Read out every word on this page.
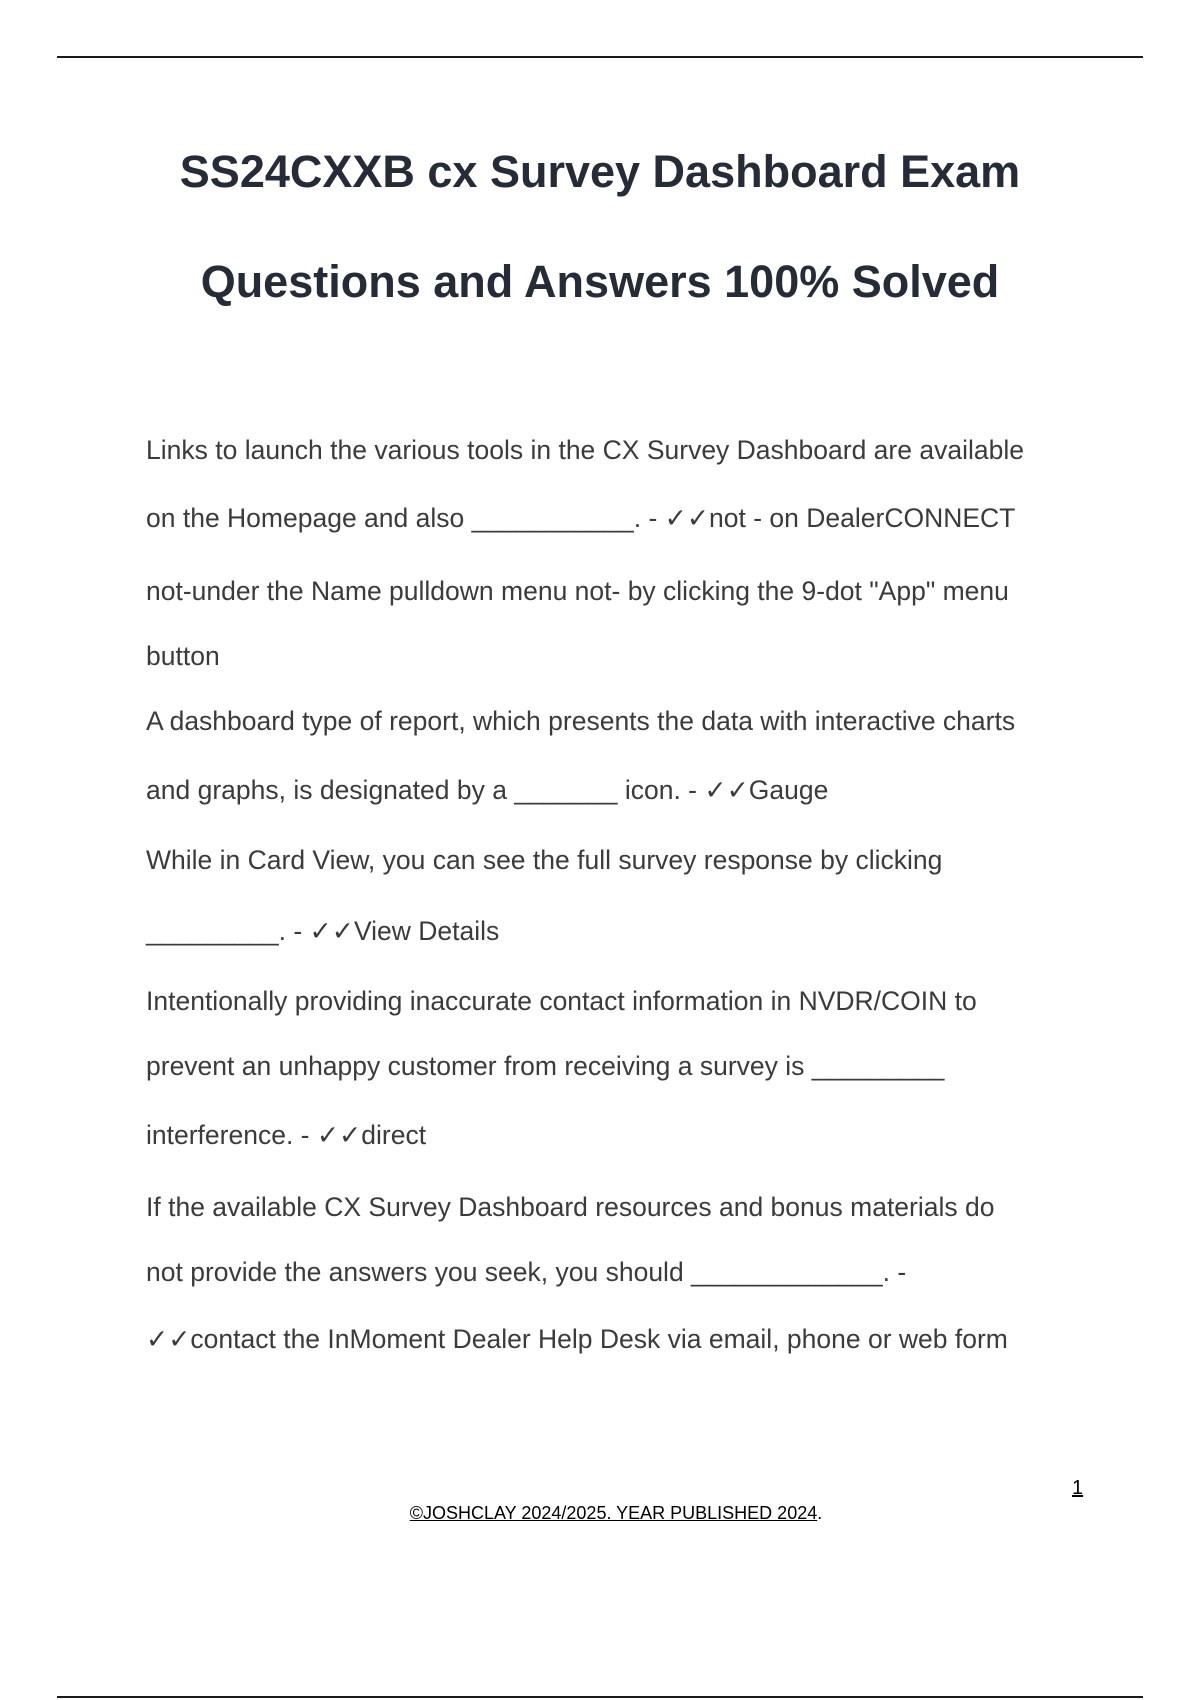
SS24CXXB cx Survey Dashboard Exam
Questions and Answers 100% Solved
Links to launch the various tools in the CX Survey Dashboard are available
on the Homepage and also ___________. - ✓✓not - on DealerCONNECT
not-under the Name pulldown menu not- by clicking the 9-dot "App" menu
button
A dashboard type of report, which presents the data with interactive charts
and graphs, is designated by a _______ icon. - ✓✓Gauge
While in Card View, you can see the full survey response by clicking
_________. - ✓✓View Details
Intentionally providing inaccurate contact information in NVDR/COIN to
prevent an unhappy customer from receiving a survey is _________
interference. - ✓✓direct
If the available CX Survey Dashboard resources and bonus materials do
not provide the answers you seek, you should _____________. -
✓✓contact the InMoment Dealer Help Desk via email, phone or web form
1
©JOSHCLAY 2024/2025. YEAR PUBLISHED 2024.
